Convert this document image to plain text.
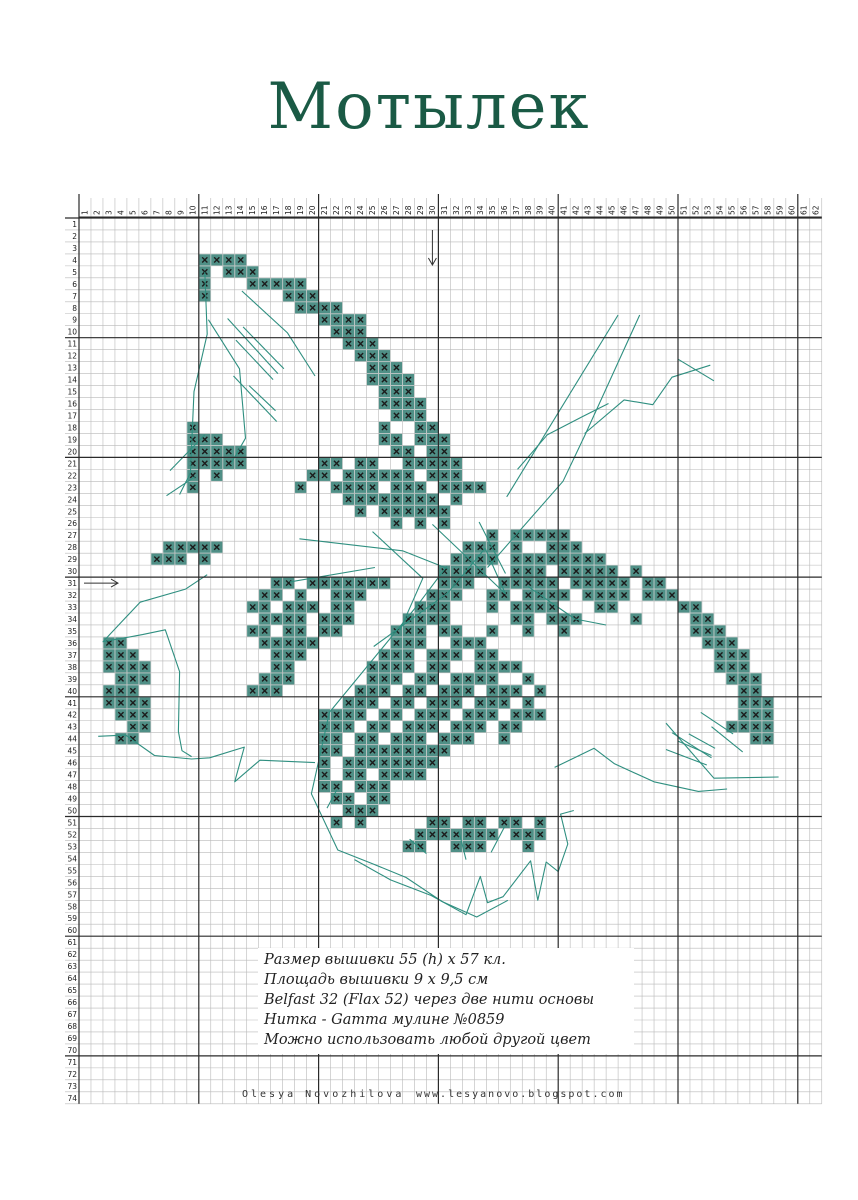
Мотылек
1 2 3 4 5 6 7 8 9 10 11 12 13 14 15 16 17 18 19 20 21 22 23 24 25 26 27 28 29 30 31 32 33 34 35 36 37 38 39 40 41 42 43 44 45 46 47 48 49 50 51 52 53 54 55 56 57 58 59 60 61 62
1
2
3
4
5
6
7
8
9
10
11
12
13
14
15
16
17
18
19
20
21
22
23
24
25
26
27
28
29
30
31
32
33
34
35
36
37
38
39
40
41
42
43
44
45
46
47
48
49
50
51
52
53
54
55
56
57
58
59
60
61
62
63
64
65
66
67
68
69
70
71
72
73
74
Размер вышивки 55 (h) x 57 кл.
Площадь вышивки 9 x 9,5 см
Belfast 32 (Flax 52) через две нити основы
Нитка - Gamma мулине №0859
Можно использовать любой другой цвет
Olesya Novozhilova www.lesyanovo.blogspot.com
